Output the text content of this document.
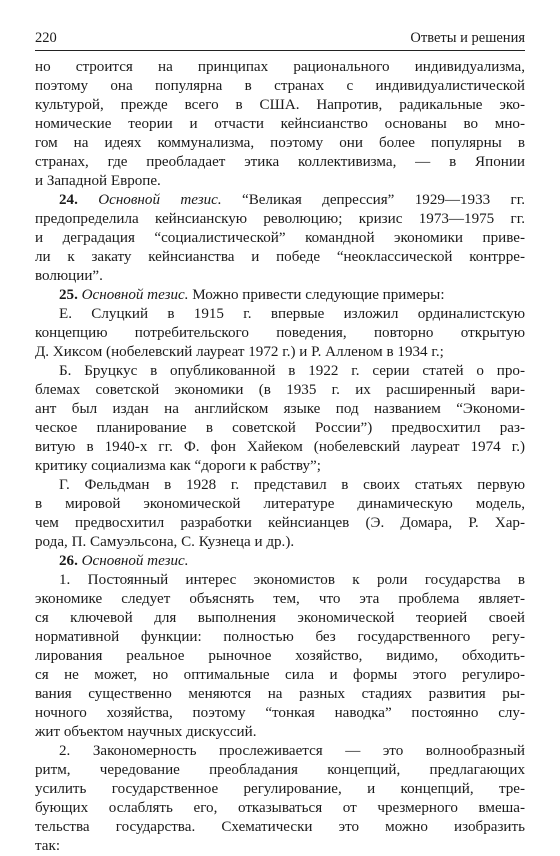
220	Ответы и решения
но строится на принципах рационального индивидуализма,
поэтому она популярна в странах с индивидуалистической
культурой, прежде всего в США. Напротив, радикальные эко-
номические теории и отчасти кейнсианство основаны во мно-
гом на идеях коммунализма, поэтому они более популярны в
странах, где преобладает этика коллективизма, — в Японии
и Западной Европе.
24. Основной тезис. “Великая депрессия” 1929—1933 гг.
предопределила кейнсианскую революцию; кризис 1973—1975 гг.
и деградация “социалистической” командной экономики приве-
ли к закату кейнсианства и победе “неоклассической контрре-
волюции”.
25. Основной тезис. Можно привести следующие примеры:
Е. Слуцкий в 1915 г. впервые изложил ординалистскую
концепцию потребительского поведения, повторно открытую
Д. Хиксом (нобелевский лауреат 1972 г.) и Р. Алленом в 1934 г.;
Б. Бруцкус в опубликованной в 1922 г. серии статей о про-
блемах советской экономики (в 1935 г. их расширенный вари-
ант был издан на английском языке под названием “Экономи-
ческое планирование в советской России”) предвосхитил раз-
витую в 1940-х гг. Ф. фон Хайеком (нобелевский лауреат 1974 г.)
критику социализма как “дороги к рабству”;
Г. Фельдман в 1928 г. представил в своих статьях первую
в мировой экономической литературе динамическую модель,
чем предвосхитил разработки кейнсианцев (Э. Домара, Р. Хар-
рода, П. Самуэльсона, С. Кузнеца и др.).
26. Основной тезис.
1. Постоянный интерес экономистов к роли государства в
экономике следует объяснять тем, что эта проблема являет-
ся ключевой для выполнения экономической теорией своей
нормативной функции: полностью без государственного регу-
лирования реальное рыночное хозяйство, видимо, обходить-
ся не может, но оптимальные сила и формы этого регулиро-
вания существенно меняются на разных стадиях развития ры-
ночного хозяйства, поэтому “тонкая наводка” постоянно слу-
жит объектом научных дискуссий.
2. Закономерность прослеживается — это волнообразный
ритм, чередование преобладания концепций, предлагающих
усилить государственное регулирование, и концепций, тре-
бующих ослаблять его, отказываться от чрезмерного вмеша-
тельства государства. Схематически это можно изобразить
так:
